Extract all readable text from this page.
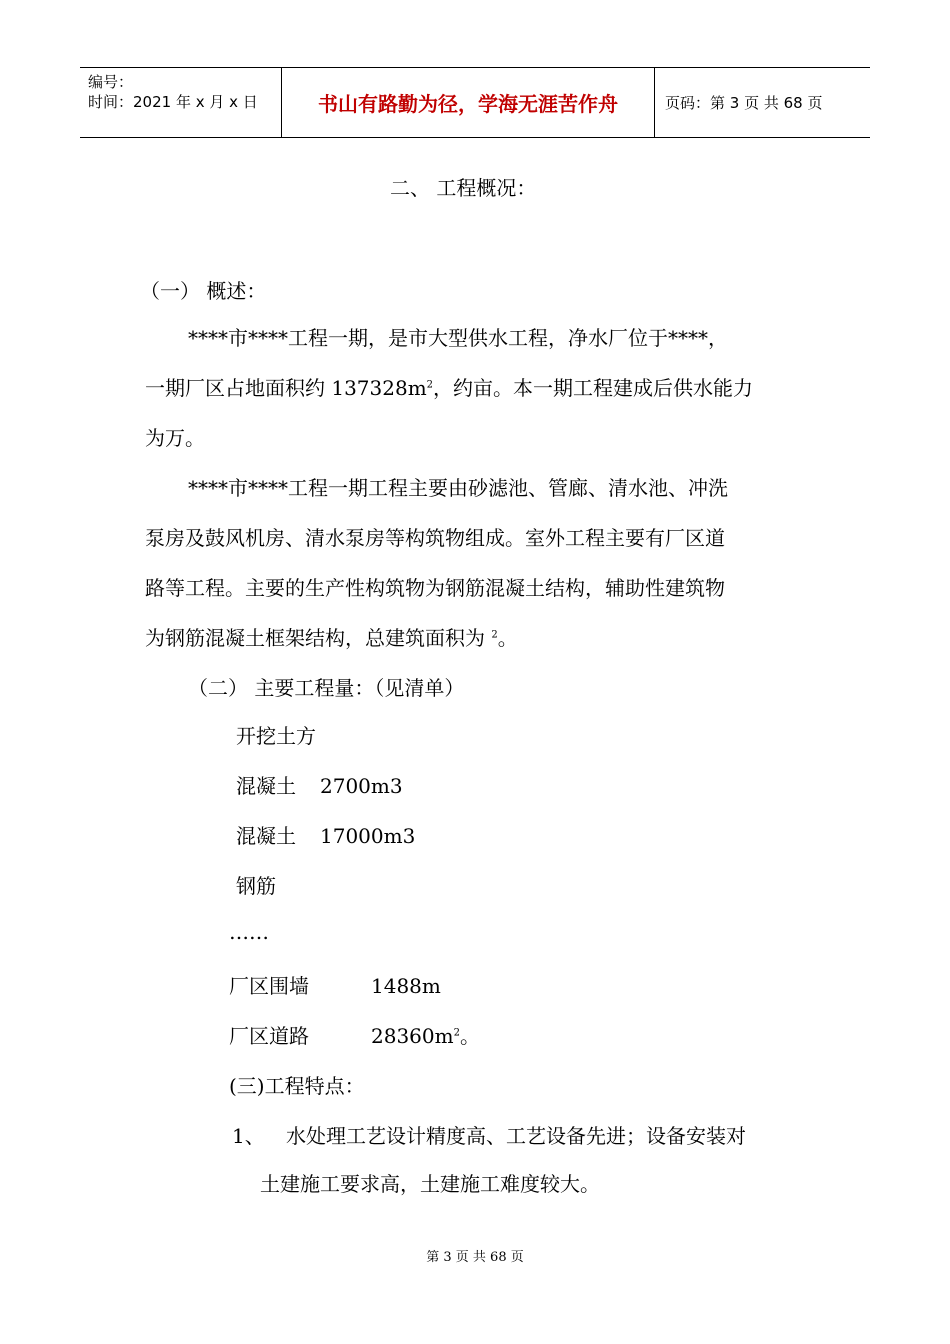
编号：
时间：2021 年 x 月 x 日	书山有路勤为径，学海无涯苦作舟	页码：第 3 页 共 68 页
二、 工程概况：
（一） 概述：
****市****工程一期，是市大型供水工程，净水厂位于****，
一期厂区占地面积约 $137328m^2$，约亩。本一期工程建成后供水能力
为万。
****市****工程一期工程主要由砂滤池、管廊、清水池、冲洗
泵房及鼓风机房、清水泵房等构筑物组成。室外工程主要有厂区道
路等工程。主要的生产性构筑物为钢筋混凝土结构，辅助性建筑物
为钢筋混凝土框架结构，总建筑面积为 $^2$。
（二） 主要工程量：（见清单）
开挖土方
混凝土 2700m3
混凝土 17000m3
钢筋
……
厂区围墙	1488m
厂区道路	$28360m^2$。
(三)工程特点：
1、 水处理工艺设计精度高、工艺设备先进；设备安装对
土建施工要求高，土建施工难度较大。
第 3 页 共 68 页
